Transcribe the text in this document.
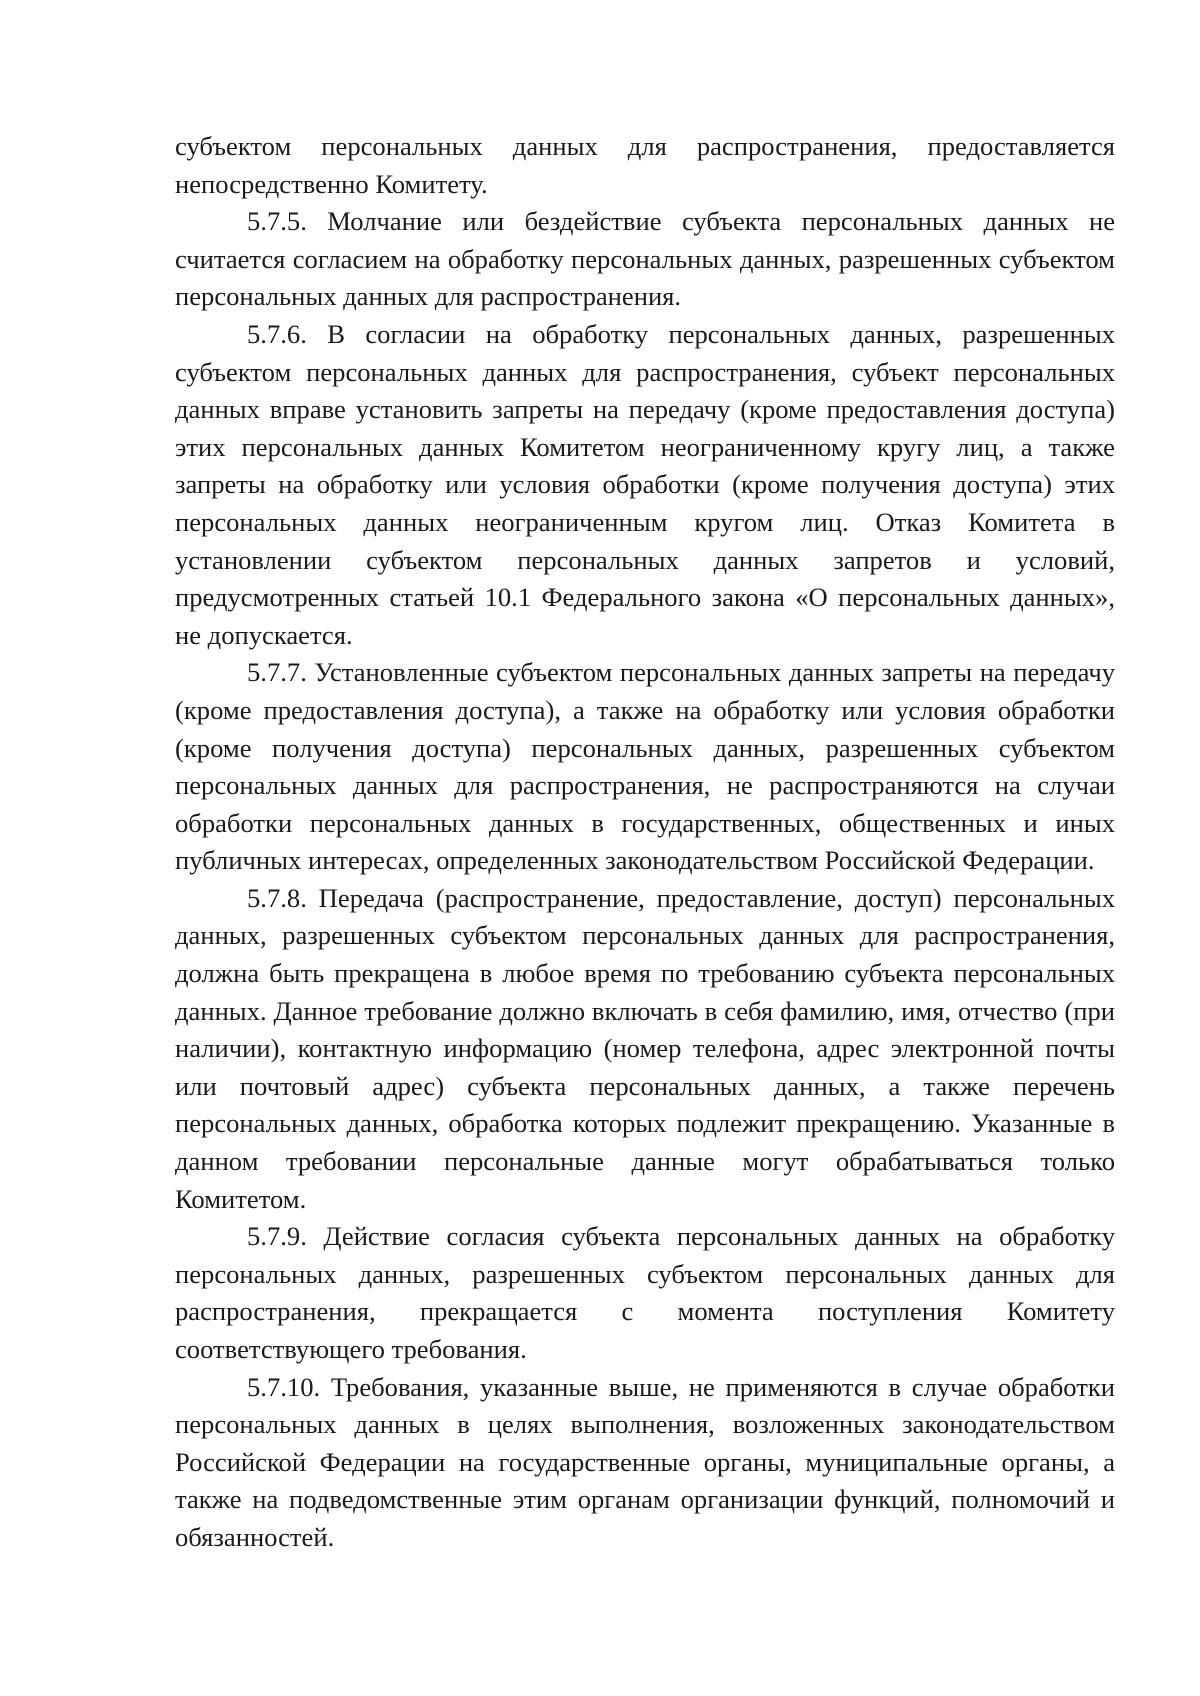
субъектом персональных данных для распространения, предоставляется непосредственно Комитету.

5.7.5. Молчание или бездействие субъекта персональных данных не считается согласием на обработку персональных данных, разрешенных субъектом персональных данных для распространения.

5.7.6. В согласии на обработку персональных данных, разрешенных субъектом персональных данных для распространения, субъект персональных данных вправе установить запреты на передачу (кроме предоставления доступа) этих персональных данных Комитетом неограниченному кругу лиц, а также запреты на обработку или условия обработки (кроме получения доступа) этих персональных данных неограниченным кругом лиц. Отказ Комитета в установлении субъектом персональных данных запретов и условий, предусмотренных статьей 10.1 Федерального закона «О персональных данных», не допускается.

5.7.7. Установленные субъектом персональных данных запреты на передачу (кроме предоставления доступа), а также на обработку или условия обработки (кроме получения доступа) персональных данных, разрешенных субъектом персональных данных для распространения, не распространяются на случаи обработки персональных данных в государственных, общественных и иных публичных интересах, определенных законодательством Российской Федерации.

5.7.8. Передача (распространение, предоставление, доступ) персональных данных, разрешенных субъектом персональных данных для распространения, должна быть прекращена в любое время по требованию субъекта персональных данных. Данное требование должно включать в себя фамилию, имя, отчество (при наличии), контактную информацию (номер телефона, адрес электронной почты или почтовый адрес) субъекта персональных данных, а также перечень персональных данных, обработка которых подлежит прекращению. Указанные в данном требовании персональные данные могут обрабатываться только Комитетом.

5.7.9. Действие согласия субъекта персональных данных на обработку персональных данных, разрешенных субъектом персональных данных для распространения, прекращается с момента поступления Комитету соответствующего требования.

5.7.10. Требования, указанные выше, не применяются в случае обработки персональных данных в целях выполнения, возложенных законодательством Российской Федерации на государственные органы, муниципальные органы, а также на подведомственные этим органам организации функций, полномочий и обязанностей.
